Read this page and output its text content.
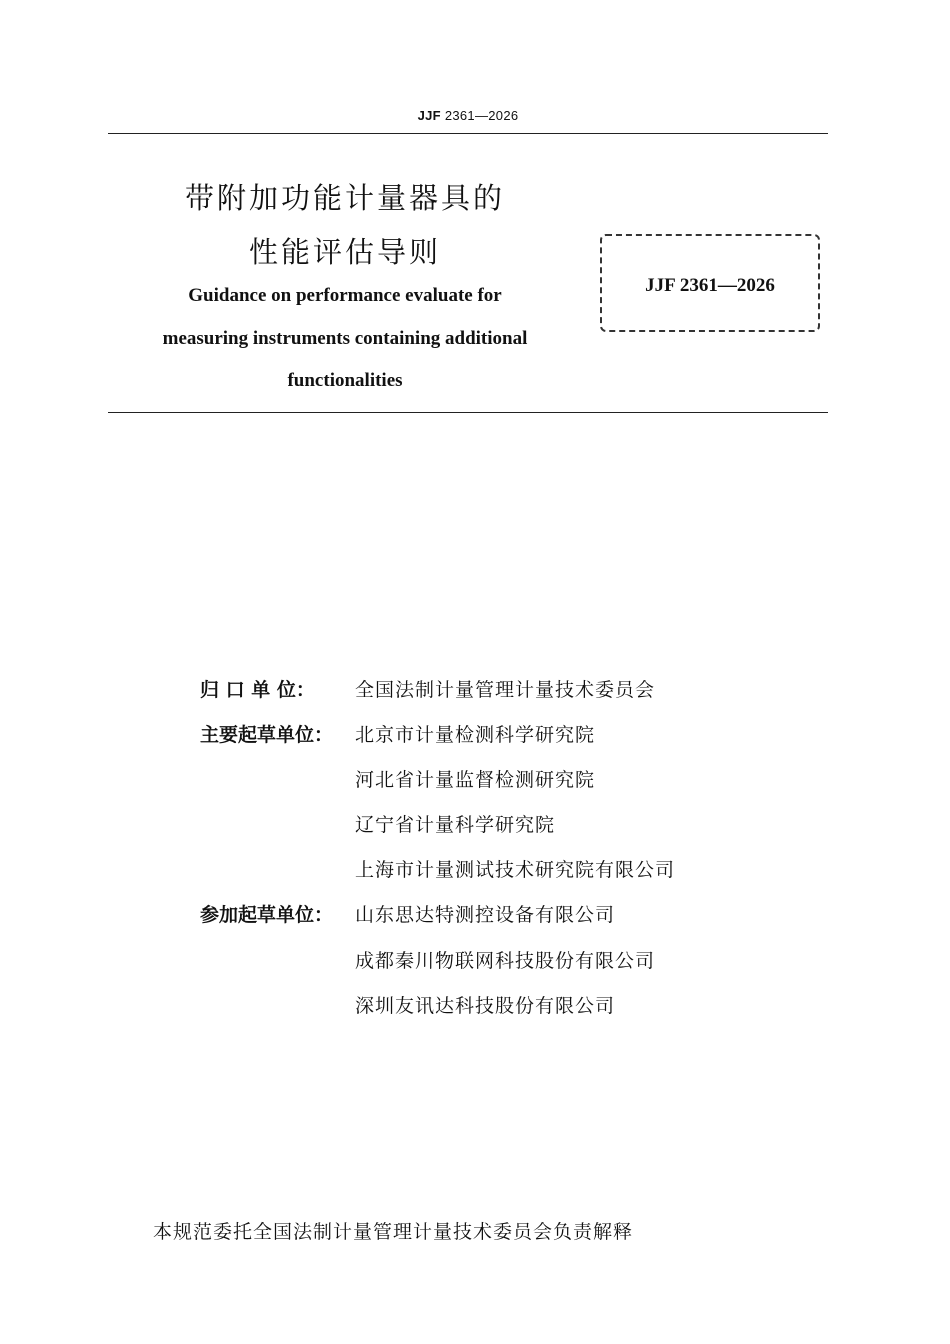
JJF 2361—2026
带附加功能计量器具的
性能评估导则
Guidance on performance evaluate for
measuring instruments containing additional
functionalities
JJF 2361—2026
归 口 单 位：	全国法制计量管理计量技术委员会
主要起草单位：	北京市计量检测科学研究院
河北省计量监督检测研究院
辽宁省计量科学研究院
上海市计量测试技术研究院有限公司
参加起草单位：	山东思达特测控设备有限公司
成都秦川物联网科技股份有限公司
深圳友讯达科技股份有限公司
本规范委托全国法制计量管理计量技术委员会负责解释
